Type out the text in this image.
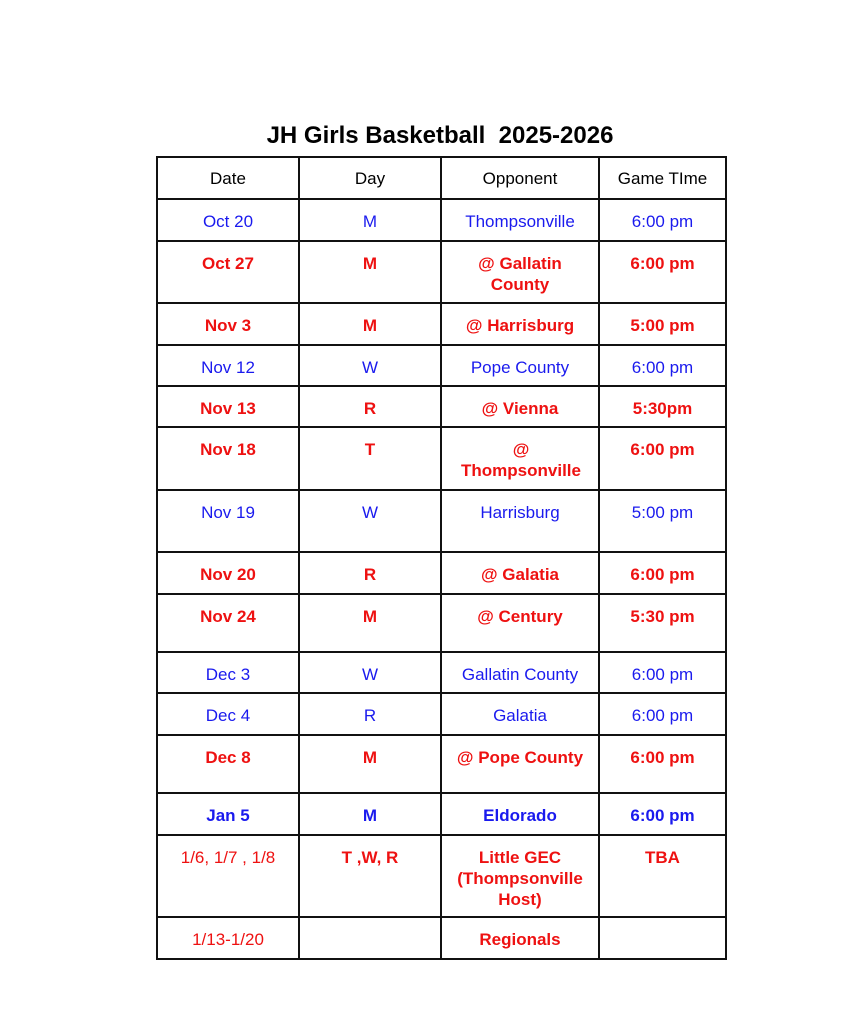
JH Girls Basketball  2025-2026
Date	Day	Opponent	Game TIme

Oct 20	M	Thompsonville	6:00 pm

Oct 27	M	@ Gallatin County	6:00 pm

Nov 3	M	@ Harrisburg	5:00 pm

Nov 12	W	Pope County	6:00 pm

Nov 13	R	@ Vienna	5:30pm

Nov 18	T	@ Thompsonville	6:00 pm

Nov 19	W	Harrisburg	5:00 pm

Nov 20	R	@ Galatia	6:00 pm

Nov 24	M	@ Century	5:30 pm

Dec 3	W	Gallatin County	6:00 pm

Dec 4	R	Galatia	6:00 pm

Dec 8	M	@ Pope County	6:00 pm

Jan 5	M	Eldorado	6:00 pm

1/6, 1/7 , 1/8	T ,W, R	Little GEC (Thompsonville Host)	TBA

1/13-1/20		Regionals	
